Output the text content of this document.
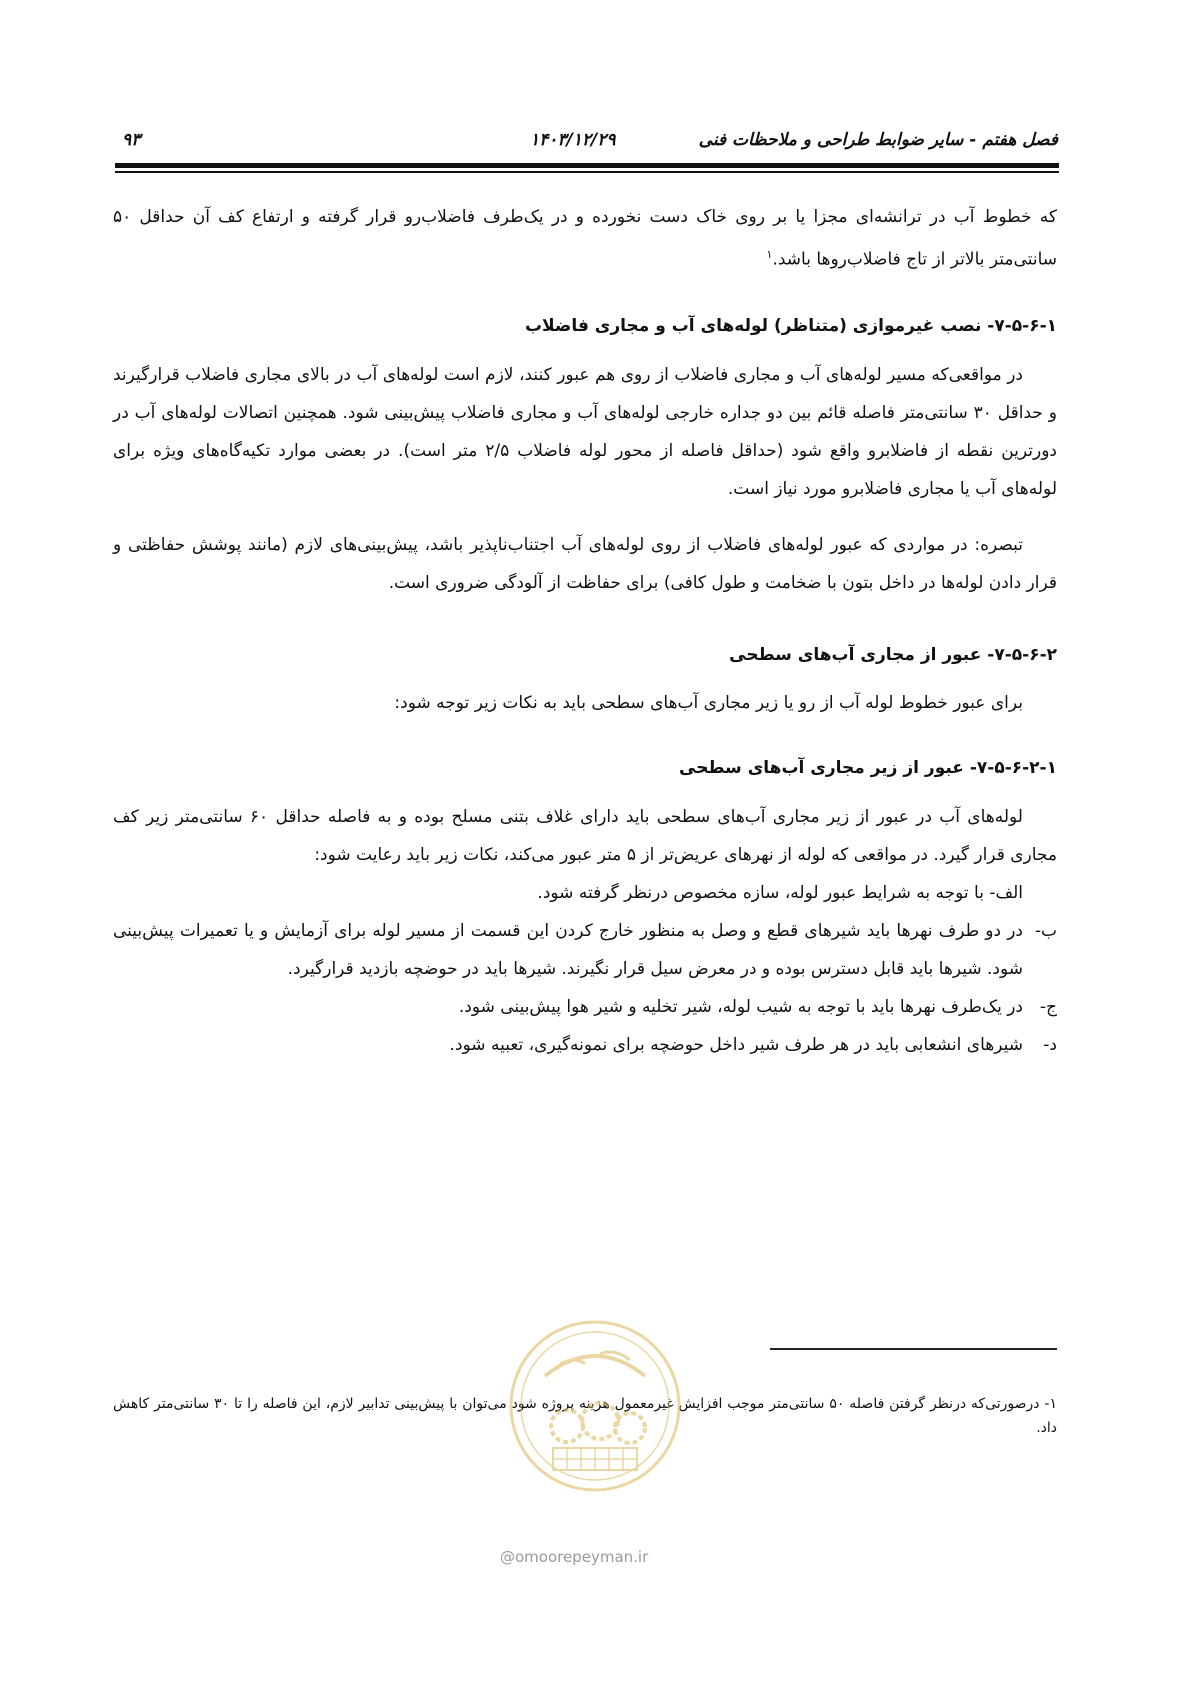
فصل هفتم - سایر ضوابط طراحی و ملاحظات فنی
۱۴۰۳/۱۲/۲۹
۹۳
که خطوط آب در ترانشه‌ای مجزا یا بر روی خاک دست نخورده و در یک‌طرف فاضلاب‌رو قرار گرفته و ارتفاع کف آن حداقل ۵۰ سانتی‌متر بالاتر از تاج فاضلاب‌روها باشد.$^۱$
۷-۵-۶-۱- نصب غیرموازی (متناظر) لوله‌های آب و مجاری فاضلاب
در مواقعی‌که مسیر لوله‌های آب و مجاری فاضلاب از روی هم عبور کنند، لازم است لوله‌های آب در بالای مجاری فاضلاب قرارگیرند و حداقل ۳۰ سانتی‌متر فاصله قائم بین دو جداره خارجی لوله‌های آب و مجاری فاضلاب پیش‌بینی شود. همچنین اتصالات لوله‌های آب در دورترین نقطه از فاضلابرو واقع شود (حداقل فاصله از محور لوله فاضلاب ۲/۵ متر است). در بعضی موارد تکیه‌گاه‌های ویژه برای لوله‌های آب یا مجاری فاضلابرو مورد نیاز است.
تبصره: در مواردی که عبور لوله‌های فاضلاب از روی لوله‌های آب اجتناب‌ناپذیر باشد، پیش‌بینی‌های لازم (مانند پوشش حفاظتی و قرار دادن لوله‌ها در داخل بتون با ضخامت و طول کافی) برای حفاظت از آلودگی ضروری است.
۷-۵-۶-۲- عبور از مجاری آب‌های سطحی
برای عبور خطوط لوله آب از رو یا زیر مجاری آب‌های سطحی باید به نکات زیر توجه شود:
۷-۵-۶-۲-۱- عبور از زیر مجاری آب‌های سطحی
لوله‌های آب در عبور از زیر مجاری آب‌های سطحی باید دارای غلاف بتنی مسلح بوده و به فاصله حداقل ۶۰ سانتی‌متر زیر کف مجاری قرار گیرد. در مواقعی که لوله از نهرهای عریض‌تر از ۵ متر عبور می‌کند، نکات زیر باید رعایت شود:
الف- با توجه به شرایط عبور لوله، سازه مخصوص درنظر گرفته شود.
ب-
در دو طرف نهرها باید شیرهای قطع و وصل به منظور خارج کردن این قسمت از مسیر لوله برای آزمایش و یا تعمیرات پیش‌بینی شود. شیرها باید قابل دسترس بوده و در معرض سیل قرار نگیرند. شیرها باید در حوضچه بازدید قرارگیرد.
ج-
در یک‌طرف نهرها باید با توجه به شیب لوله، شیر تخلیه و شیر هوا پیش‌بینی شود.
د-
شیرهای انشعابی باید در هر طرف شیر داخل حوضچه برای نمونه‌گیری، تعبیه شود.
۱- درصورتی‌که درنظر گرفتن فاصله ۵۰ سانتی‌متر موجب افزایش غیرمعمول هزینه پروژه شود می‌توان با پیش‌بینی تدابیر لازم، این فاصله را تا ۳۰ سانتی‌متر کاهش داد.
@omoorepeyman.ir
